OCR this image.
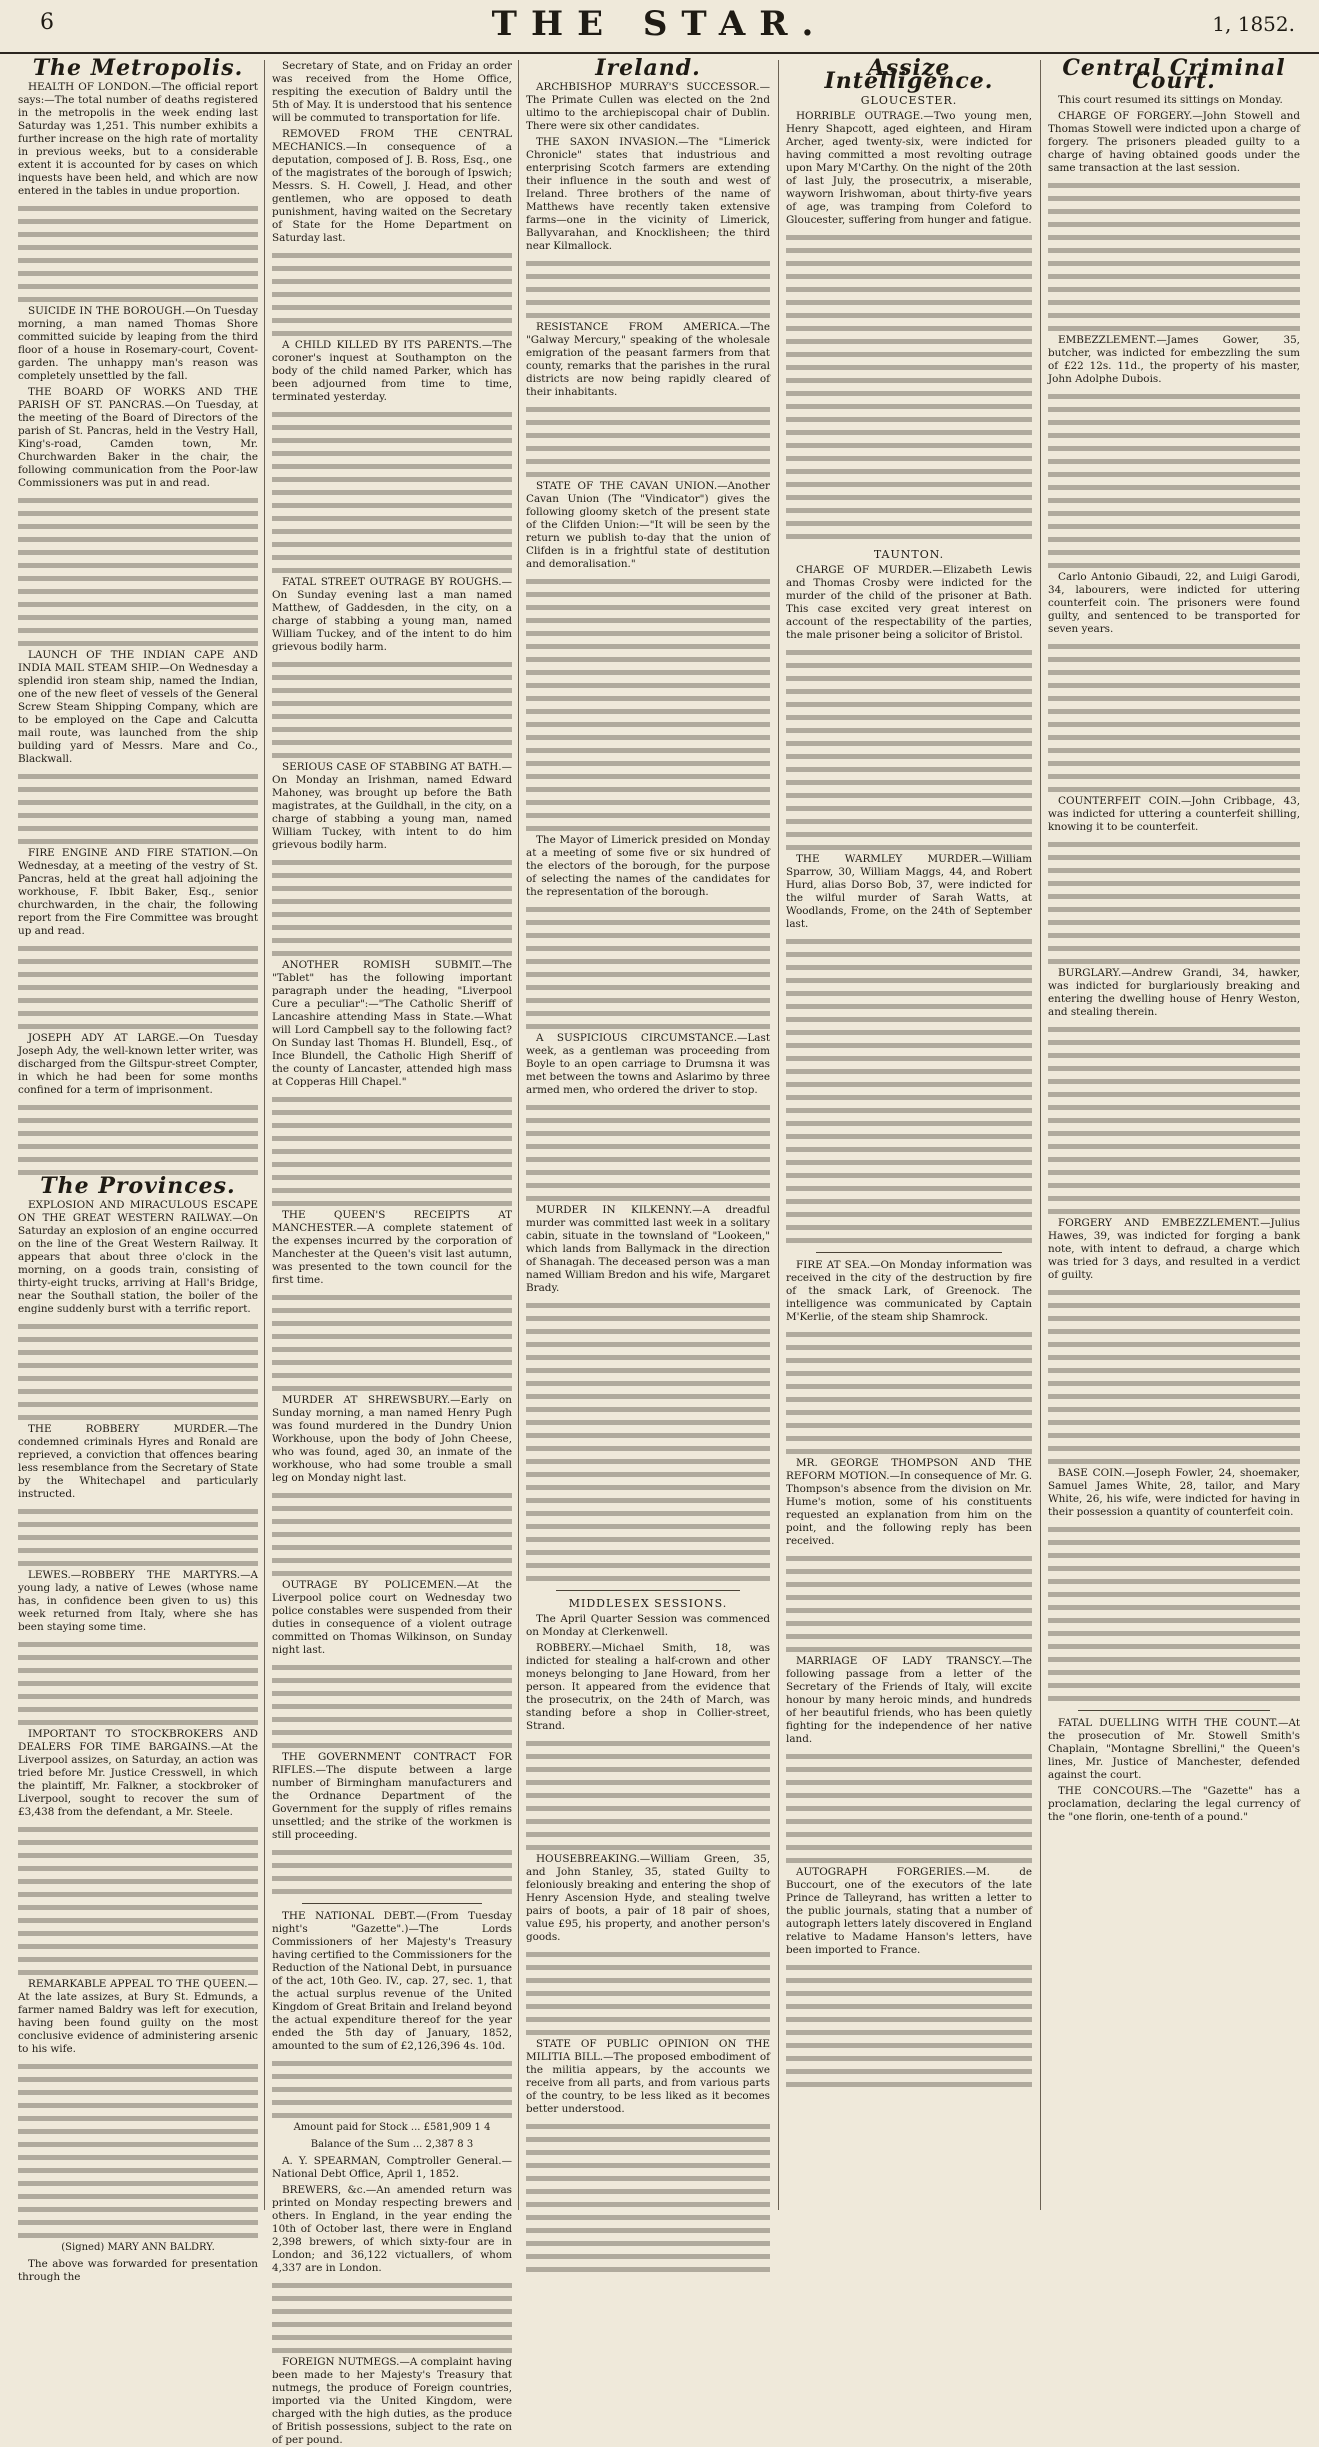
6	THE STAR.	1, 1852.
The Metropolis.

HEALTH OF LONDON.—The official report says:—The total number of deaths registered in the metropolis in the week ending last Saturday was 1,251. This number exhibits a further increase on the high rate of mortality in previous weeks, but to a considerable extent it is accounted for by cases on which inquests have been held, and which are now entered in the tables in undue proportion.

SUICIDE IN THE BOROUGH.—On Tuesday morning, a man named Thomas Shore committed suicide by leaping from the third floor of a house in Rosemary-court, Covent-garden. The unhappy man's reason was completely unsettled by the fall.

THE BOARD OF WORKS AND THE PARISH OF ST. PANCRAS.—On Tuesday, at the meeting of the Board of Directors of the parish of St. Pancras, held in the Vestry Hall, King's-road, Camden town, Mr. Churchwarden Baker in the chair, the following communication from the Poor-law Commissioners was put in and read.

LAUNCH OF THE INDIAN CAPE AND INDIA MAIL STEAM SHIP.—On Wednesday a splendid iron steam ship, named the Indian, one of the new fleet of vessels of the General Screw Steam Shipping Company, which are to be employed on the Cape and Calcutta mail route, was launched from the ship building yard of Messrs. Mare and Co., Blackwall.

FIRE ENGINE AND FIRE STATION.—On Wednesday, at a meeting of the vestry of St. Pancras, held at the great hall adjoining the workhouse, F. Ibbit Baker, Esq., senior churchwarden, in the chair, the following report from the Fire Committee was brought up and read.

JOSEPH ADY AT LARGE.—On Tuesday Joseph Ady, the well-known letter writer, was discharged from the Giltspur-street Compter, in which he had been for some months confined for a term of imprisonment.

The Provinces.

EXPLOSION AND MIRACULOUS ESCAPE ON THE GREAT WESTERN RAILWAY.—On Saturday an explosion of an engine occurred on the line of the Great Western Railway. It appears that about three o'clock in the morning, on a goods train, consisting of thirty-eight trucks, arriving at Hall's Bridge, near the Southall station, the boiler of the engine suddenly burst with a terrific report.

THE ROBBERY MURDER.—The condemned criminals Hyres and Ronald are reprieved, a conviction that offences bearing less resemblance from the Secretary of State by the Whitechapel and particularly instructed.

LEWES.—ROBBERY THE MARTYRS.—A young lady, a native of Lewes (whose name has, in confidence been given to us) this week returned from Italy, where she has been staying some time.

IMPORTANT TO STOCKBROKERS AND DEALERS FOR TIME BARGAINS.—At the Liverpool assizes, on Saturday, an action was tried before Mr. Justice Cresswell, in which the plaintiff, Mr. Falkner, a stockbroker of Liverpool, sought to recover the sum of £3,438 from the defendant, a Mr. Steele.

REMARKABLE APPEAL TO THE QUEEN.—At the late assizes, at Bury St. Edmunds, a farmer named Baldry was left for execution, having been found guilty on the most conclusive evidence of administering arsenic to his wife.

(Signed) MARY ANN BALDRY.

The above was forwarded for presentation through the

Secretary of State, and on Friday an order was received from the Home Office, respiting the execution of Baldry until the 5th of May. It is understood that his sentence will be commuted to transportation for life.

REMOVED FROM THE CENTRAL MECHANICS.—In consequence of a deputation, composed of J. B. Ross, Esq., one of the magistrates of the borough of Ipswich; Messrs. S. H. Cowell, J. Head, and other gentlemen, who are opposed to death punishment, having waited on the Secretary of State for the Home Department on Saturday last.

A CHILD KILLED BY ITS PARENTS.—The coroner's inquest at Southampton on the body of the child named Parker, which has been adjourned from time to time, terminated yesterday.

FATAL STREET OUTRAGE BY ROUGHS.—On Sunday evening last a man named Matthew, of Gaddesden, in the city, on a charge of stabbing a young man, named William Tuckey, and of the intent to do him grievous bodily harm.

SERIOUS CASE OF STABBING AT BATH.—On Monday an Irishman, named Edward Mahoney, was brought up before the Bath magistrates, at the Guildhall, in the city, on a charge of stabbing a young man, named William Tuckey, with intent to do him grievous bodily harm.

ANOTHER ROMISH SUBMIT.—The "Tablet" has the following important paragraph under the heading, "Liverpool Cure a peculiar":—"The Catholic Sheriff of Lancashire attending Mass in State.—What will Lord Campbell say to the following fact? On Sunday last Thomas H. Blundell, Esq., of Ince Blundell, the Catholic High Sheriff of the county of Lancaster, attended high mass at Copperas Hill Chapel."

THE QUEEN'S RECEIPTS AT MANCHESTER.—A complete statement of the expenses incurred by the corporation of Manchester at the Queen's visit last autumn, was presented to the town council for the first time.

MURDER AT SHREWSBURY.—Early on Sunday morning, a man named Henry Pugh was found murdered in the Dundry Union Workhouse, upon the body of John Cheese, who was found, aged 30, an inmate of the workhouse, who had some trouble a small leg on Monday night last.

OUTRAGE BY POLICEMEN.—At the Liverpool police court on Wednesday two police constables were suspended from their duties in consequence of a violent outrage committed on Thomas Wilkinson, on Sunday night last.

THE GOVERNMENT CONTRACT FOR RIFLES.—The dispute between a large number of Birmingham manufacturers and the Ordnance Department of the Government for the supply of rifles remains unsettled; and the strike of the workmen is still proceeding.

THE NATIONAL DEBT.—(From Tuesday night's "Gazette".)—The Lords Commissioners of her Majesty's Treasury having certified to the Commissioners for the Reduction of the National Debt, in pursuance of the act, 10th Geo. IV., cap. 27, sec. 1, that the actual surplus revenue of the United Kingdom of Great Britain and Ireland beyond the actual expenditure thereof for the year ended the 5th day of January, 1852, amounted to the sum of £2,126,396 4s. 10d.

Amount paid for Stock ... £581,909 1 4
Balance of the Sum ... 2,387 8 3

A. Y. SPEARMAN, Comptroller General.—National Debt Office, April 1, 1852.

BREWERS, &c.—An amended return was printed on Monday respecting brewers and others. In England, in the year ending the 10th of October last, there were in England 2,398 brewers, of which sixty-four are in London; and 36,122 victuallers, of whom 4,337 are in London.

FOREIGN NUTMEGS.—A complaint having been made to her Majesty's Treasury that nutmegs, the produce of Foreign countries, imported via the United Kingdom, were charged with the high duties, as the produce of British possessions, subject to the rate on of per pound.

Ireland.

ARCHBISHOP MURRAY'S SUCCESSOR.—The Primate Cullen was elected on the 2nd ultimo to the archiepiscopal chair of Dublin. There were six other candidates.

THE SAXON INVASION.—The "Limerick Chronicle" states that industrious and enterprising Scotch farmers are extending their influence in the south and west of Ireland. Three brothers of the name of Matthews have recently taken extensive farms—one in the vicinity of Limerick, Ballyvarahan, and Knocklisheen; the third near Kilmallock.

RESISTANCE FROM AMERICA.—The "Galway Mercury," speaking of the wholesale emigration of the peasant farmers from that county, remarks that the parishes in the rural districts are now being rapidly cleared of their inhabitants.

STATE OF THE CAVAN UNION.—Another Cavan Union (The "Vindicator") gives the following gloomy sketch of the present state of the Clifden Union:—"It will be seen by the return we publish to-day that the union of Clifden is in a frightful state of destitution and demoralisation."

The Mayor of Limerick presided on Monday at a meeting of some five or six hundred of the electors of the borough, for the purpose of selecting the names of the candidates for the representation of the borough.

A SUSPICIOUS CIRCUMSTANCE.—Last week, as a gentleman was proceeding from Boyle to an open carriage to Drumsna it was met between the towns and Aslarimo by three armed men, who ordered the driver to stop.

MURDER IN KILKENNY.—A dreadful murder was committed last week in a solitary cabin, situate in the townsland of "Lookeen," which lands from Ballymack in the direction of Shanagah. The deceased person was a man named William Bredon and his wife, Margaret Brady.

MIDDLESEX SESSIONS.

The April Quarter Session was commenced on Monday at Clerkenwell.

ROBBERY.—Michael Smith, 18, was indicted for stealing a half-crown and other moneys belonging to Jane Howard, from her person. It appeared from the evidence that the prosecutrix, on the 24th of March, was standing before a shop in Collier-street, Strand.

HOUSEBREAKING.—William Green, 35, and John Stanley, 35, stated Guilty to feloniously breaking and entering the shop of Henry Ascension Hyde, and stealing twelve pairs of boots, a pair of 18 pair of shoes, value £95, his property, and another person's goods.

STATE OF PUBLIC OPINION ON THE MILITIA BILL.—The proposed embodiment of the militia appears, by the accounts we receive from all parts, and from various parts of the country, to be less liked as it becomes better understood.

Assize Intelligence.
GLOUCESTER.

HORRIBLE OUTRAGE.—Two young men, Henry Shapcott, aged eighteen, and Hiram Archer, aged twenty-six, were indicted for having committed a most revolting outrage upon Mary M'Carthy. On the night of the 20th of last July, the prosecutrix, a miserable, wayworn Irishwoman, about thirty-five years of age, was tramping from Coleford to Gloucester, suffering from hunger and fatigue.

TAUNTON.

CHARGE OF MURDER.—Elizabeth Lewis and Thomas Crosby were indicted for the murder of the child of the prisoner at Bath. This case excited very great interest on account of the respectability of the parties, the male prisoner being a solicitor of Bristol.

THE WARMLEY MURDER.—William Sparrow, 30, William Maggs, 44, and Robert Hurd, alias Dorso Bob, 37, were indicted for the wilful murder of Sarah Watts, at Woodlands, Frome, on the 24th of September last.

FIRE AT SEA.—On Monday information was received in the city of the destruction by fire of the smack Lark, of Greenock. The intelligence was communicated by Captain M'Kerlie, of the steam ship Shamrock.

MR. GEORGE THOMPSON AND THE REFORM MOTION.—In consequence of Mr. G. Thompson's absence from the division on Mr. Hume's motion, some of his constituents requested an explanation from him on the point, and the following reply has been received.

MARRIAGE OF LADY TRANSCY.—The following passage from a letter of the Secretary of the Friends of Italy, will excite honour by many heroic minds, and hundreds of her beautiful friends, who has been quietly fighting for the independence of her native land.

AUTOGRAPH FORGERIES.—M. de Buccourt, one of the executors of the late Prince de Talleyrand, has written a letter to the public journals, stating that a number of autograph letters lately discovered in England relative to Madame Hanson's letters, have been imported to France.

Central Criminal Court.

This court resumed its sittings on Monday.

CHARGE OF FORGERY.—John Stowell and Thomas Stowell were indicted upon a charge of forgery. The prisoners pleaded guilty to a charge of having obtained goods under the same transaction at the last session.

EMBEZZLEMENT.—James Gower, 35, butcher, was indicted for embezzling the sum of £22 12s. 11d., the property of his master, John Adolphe Dubois.

Carlo Antonio Gibaudi, 22, and Luigi Garodi, 34, labourers, were indicted for uttering counterfeit coin. The prisoners were found guilty, and sentenced to be transported for seven years.

COUNTERFEIT COIN.—John Cribbage, 43, was indicted for uttering a counterfeit shilling, knowing it to be counterfeit.

BURGLARY.—Andrew Grandi, 34, hawker, was indicted for burglariously breaking and entering the dwelling house of Henry Weston, and stealing therein.

FORGERY AND EMBEZZLEMENT.—Julius Hawes, 39, was indicted for forging a bank note, with intent to defraud, a charge which was tried for 3 days, and resulted in a verdict of guilty.

BASE COIN.—Joseph Fowler, 24, shoemaker, Samuel James White, 28, tailor, and Mary White, 26, his wife, were indicted for having in their possession a quantity of counterfeit coin.

FATAL DUELLING WITH THE COUNT.—At the prosecution of Mr. Stowell Smith's Chaplain, "Montagne Sbrellini," the Queen's lines, Mr. Justice of Manchester, defended against the court.

THE CONCOURS.—The "Gazette" has a proclamation, declaring the legal currency of the "one florin, one-tenth of a pound."
